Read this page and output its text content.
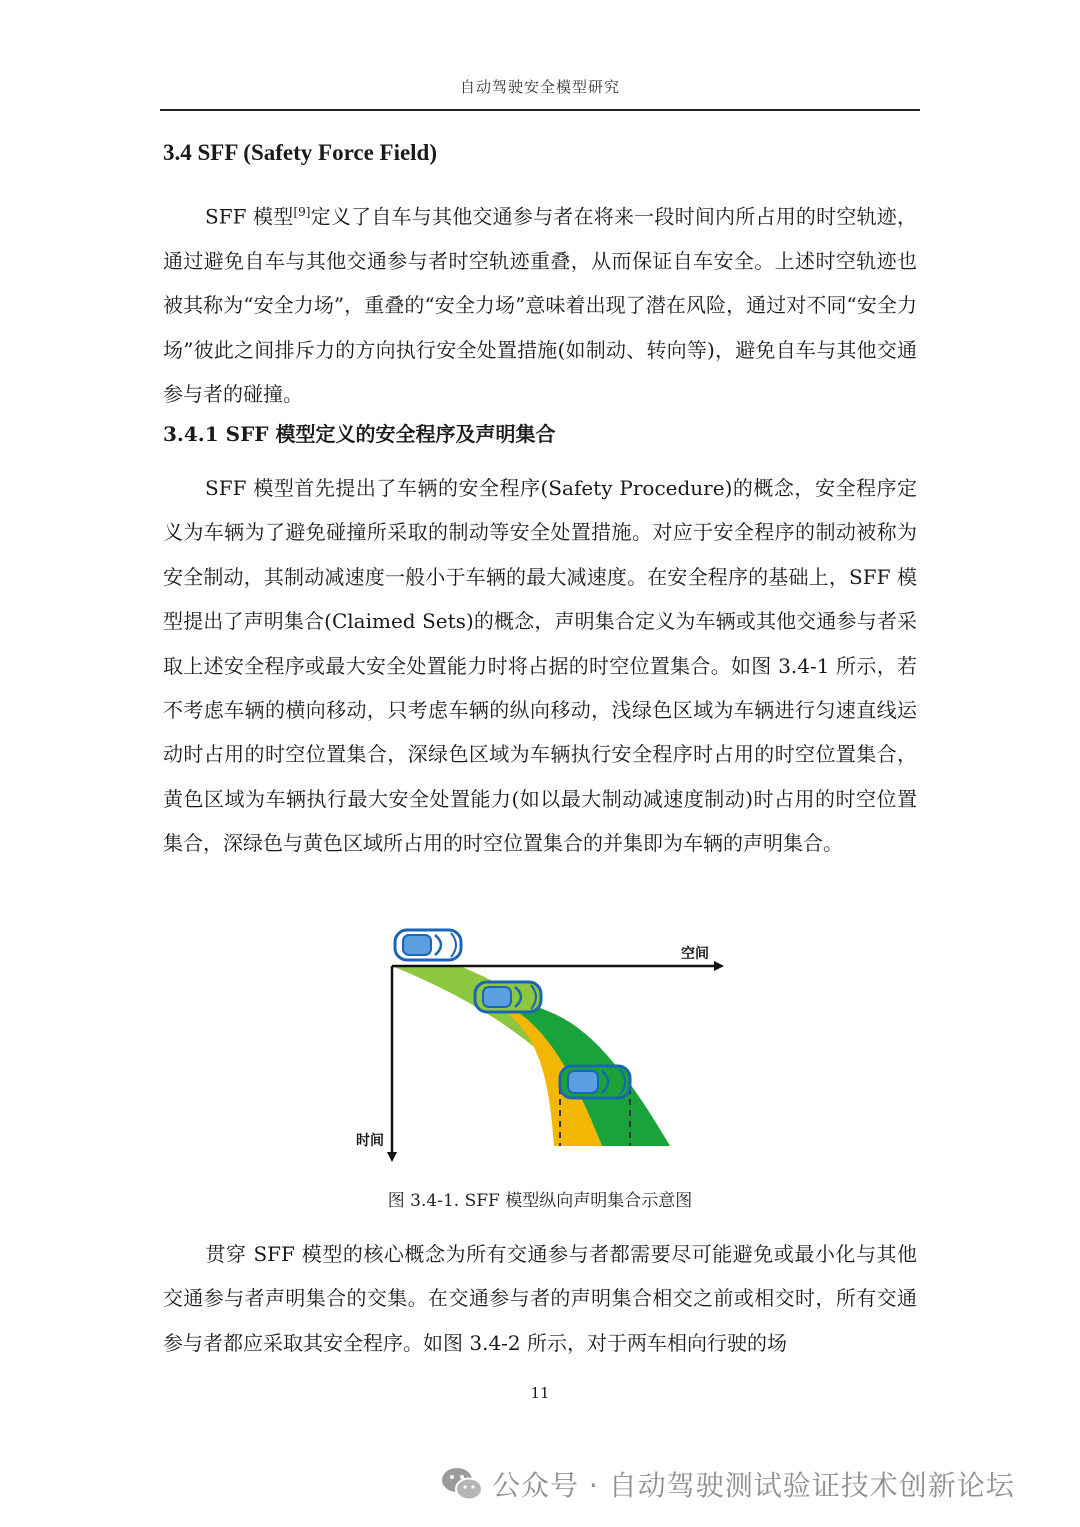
自动驾驶安全模型研究
3.4 SFF (Safety Force Field)

SFF 模型[9]定义了自车与其他交通参与者在将来一段时间内所占用的时空轨迹，通过避免自车与其他交通参与者时空轨迹重叠，从而保证自车安全。上述时空轨迹也被其称为“安全力场”，重叠的“安全力场”意味着出现了潜在风险，通过对不同“安全力场”彼此之间排斥力的方向执行安全处置措施(如制动、转向等)，避免自车与其他交通参与者的碰撞。

3.4.1 SFF 模型定义的安全程序及声明集合

SFF 模型首先提出了车辆的安全程序(Safety Procedure)的概念，安全程序定义为车辆为了避免碰撞所采取的制动等安全处置措施。对应于安全程序的制动被称为安全制动，其制动减速度一般小于车辆的最大减速度。在安全程序的基础上，SFF 模型提出了声明集合(Claimed Sets)的概念，声明集合定义为车辆或其他交通参与者采取上述安全程序或最大安全处置能力时将占据的时空位置集合。如图 3.4-1 所示，若不考虑车辆的横向移动，只考虑车辆的纵向移动，浅绿色区域为车辆进行匀速直线运动时占用的时空位置集合，深绿色区域为车辆执行安全程序时占用的时空位置集合，黄色区域为车辆执行最大安全处置能力(如以最大制动减速度制动)时占用的时空位置集合，深绿色与黄色区域所占用的时空位置集合的并集即为车辆的声明集合。

空间
时间
图 3.4-1. SFF 模型纵向声明集合示意图

贯穿 SFF 模型的核心概念为所有交通参与者都需要尽可能避免或最小化与其他交通参与者声明集合的交集。在交通参与者的声明集合相交之前或相交时，所有交通参与者都应采取其安全程序。如图 3.4-2 所示，对于两车相向行驶的场

11
公众号 · 自动驾驶测试验证技术创新论坛
